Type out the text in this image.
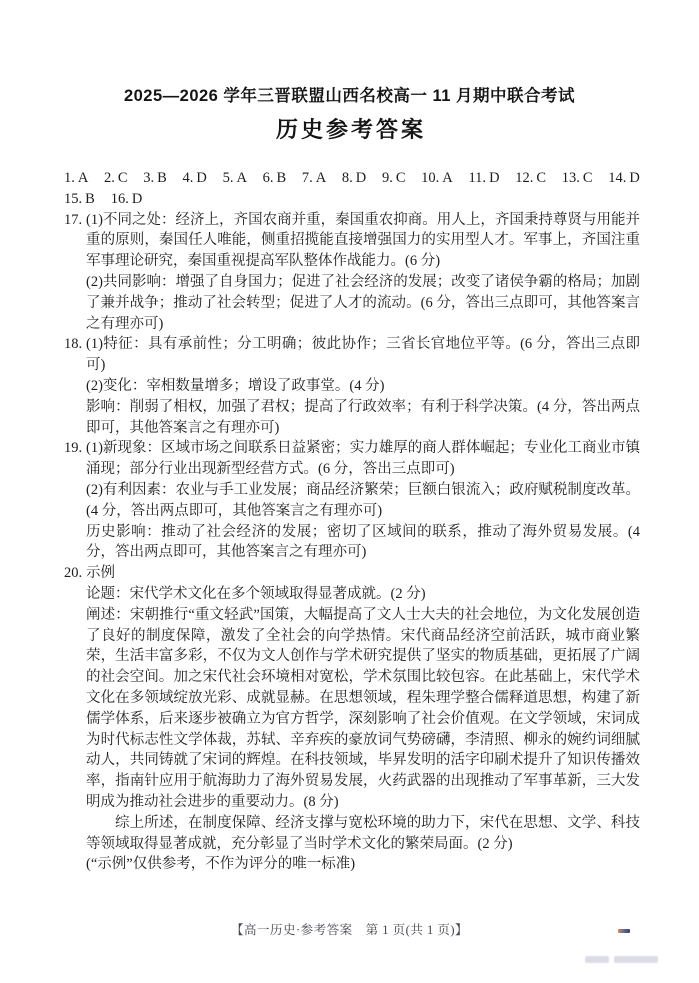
2025—2026 学年三晋联盟山西名校高一 11 月期中联合考试
历史参考答案
1. A 2. C 3. B 4. D 5. A 6. B 7. A 8. D 9. C 10. A 11. D 12. C 13. C 14. D
15. B 16. D
17. (1)不同之处：经济上，齐国农商并重，秦国重农抑商。用人上，齐国秉持尊贤与用能并重的原则，秦国任人唯能，侧重招揽能直接增强国力的实用型人才。军事上，齐国注重军事理论研究，秦国重视提高军队整体作战能力。(6 分)
(2)共同影响：增强了自身国力；促进了社会经济的发展；改变了诸侯争霸的格局；加剧了兼并战争；推动了社会转型；促进了人才的流动。(6 分，答出三点即可，其他答案言之有理亦可)
18. (1)特征：具有承前性；分工明确；彼此协作；三省长官地位平等。(6 分，答出三点即可)
(2)变化：宰相数量增多；增设了政事堂。(4 分)
影响：削弱了相权，加强了君权；提高了行政效率；有利于科学决策。(4 分，答出两点即可，其他答案言之有理亦可)
19. (1)新现象：区域市场之间联系日益紧密；实力雄厚的商人群体崛起；专业化工商业市镇涌现；部分行业出现新型经营方式。(6 分，答出三点即可)
(2)有利因素：农业与手工业发展；商品经济繁荣；巨额白银流入；政府赋税制度改革。(4 分，答出两点即可，其他答案言之有理亦可)
历史影响：推动了社会经济的发展；密切了区域间的联系，推动了海外贸易发展。(4 分，答出两点即可，其他答案言之有理亦可)
20. 示例
论题：宋代学术文化在多个领域取得显著成就。(2 分)
阐述：宋朝推行“重文轻武”国策，大幅提高了文人士大夫的社会地位，为文化发展创造了良好的制度保障，激发了全社会的向学热情。宋代商品经济空前活跃，城市商业繁荣，生活丰富多彩，不仅为文人创作与学术研究提供了坚实的物质基础，更拓展了广阔的社会空间。加之宋代社会环境相对宽松，学术氛围比较包容。在此基础上，宋代学术文化在多领域绽放光彩、成就显赫。在思想领域，程朱理学整合儒释道思想，构建了新儒学体系，后来逐步被确立为官方哲学，深刻影响了社会价值观。在文学领域，宋词成为时代标志性文学体裁，苏轼、辛弃疾的豪放词气势磅礴，李清照、柳永的婉约词细腻动人，共同铸就了宋词的辉煌。在科技领域，毕昇发明的活字印刷术提升了知识传播效率，指南针应用于航海助力了海外贸易发展，火药武器的出现推动了军事革新，三大发明成为推动社会进步的重要动力。(8 分)
综上所述，在制度保障、经济支撑与宽松环境的助力下，宋代在思想、文学、科技等领域取得显著成就，充分彰显了当时学术文化的繁荣局面。(2 分)
(“示例”仅供参考，不作为评分的唯一标准)
【高一历史·参考答案　第 1 页(共 1 页)】
